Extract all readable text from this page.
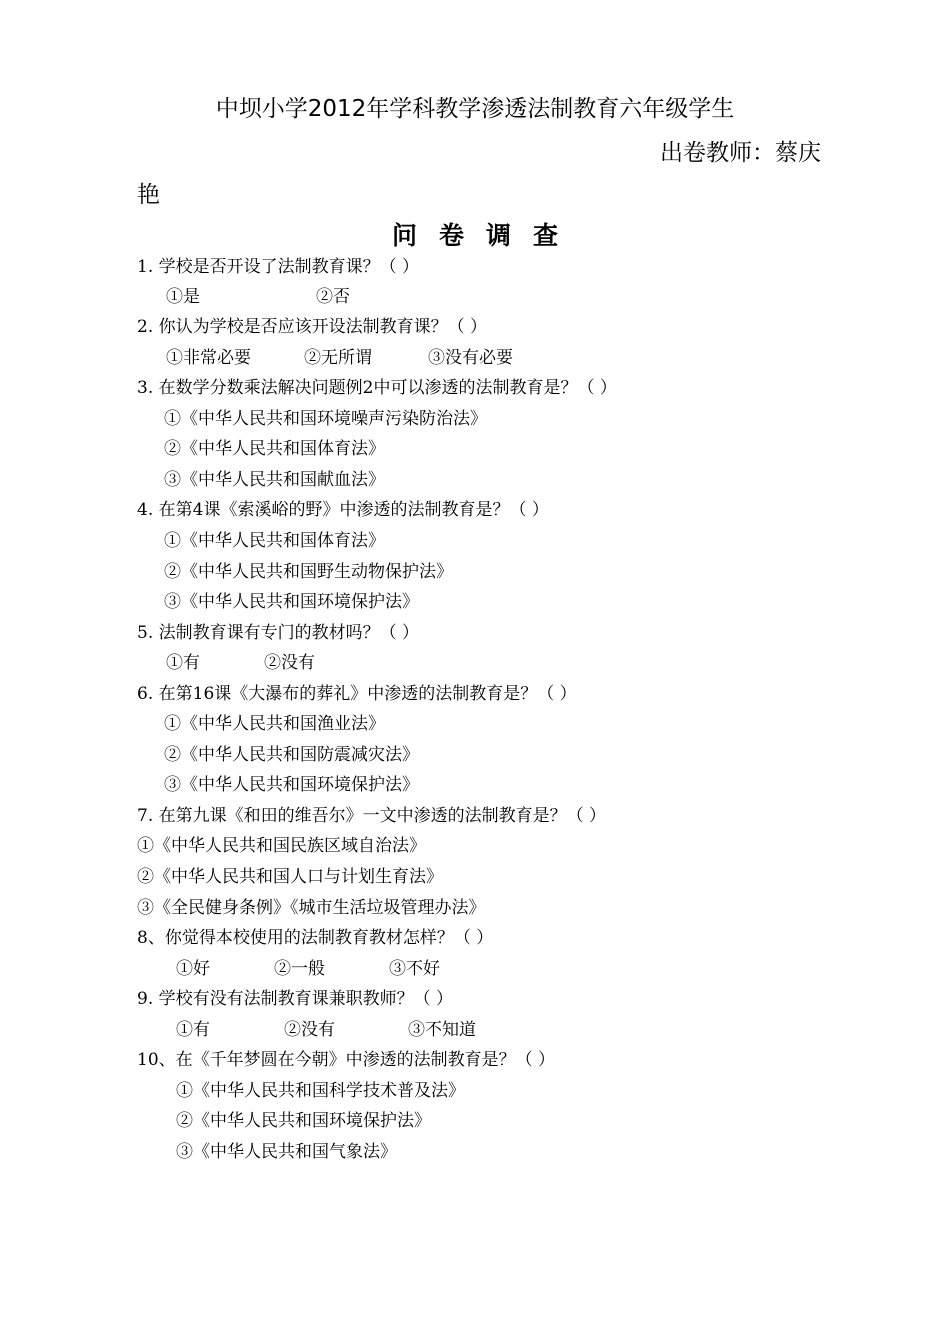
中坝小学2012年学科教学渗透法制教育六年级学生
出卷教师：蔡庆
艳
问卷调查
1. 学校是否开设了法制教育课？（ ）
①是	②否
2. 你认为学校是否应该开设法制教育课？（ ）
①非常必要	②无所谓	③没有必要
3. 在数学分数乘法解决问题例2中可以渗透的法制教育是？（ ）
①《中华人民共和国环境噪声污染防治法》
②《中华人民共和国体育法》
③《中华人民共和国献血法》
4. 在第4课《索溪峪的野》中渗透的法制教育是？（ ）
①《中华人民共和国体育法》
②《中华人民共和国野生动物保护法》
③《中华人民共和国环境保护法》
5. 法制教育课有专门的教材吗？（ ）
①有	②没有
6. 在第16课《大瀑布的葬礼》中渗透的法制教育是？（ ）
①《中华人民共和国渔业法》
②《中华人民共和国防震减灾法》
③《中华人民共和国环境保护法》
7. 在第九课《和田的维吾尔》一文中渗透的法制教育是？（ ）
①《中华人民共和国民族区域自治法》
②《中华人民共和国人口与计划生育法》
③《全民健身条例》《城市生活垃圾管理办法》
8、你觉得本校使用的法制教育教材怎样？（ ）
①好	②一般	③不好
9. 学校有没有法制教育课兼职教师？（ ）
①有	②没有	③不知道
10、在《千年梦圆在今朝》中渗透的法制教育是？（ ）
①《中华人民共和国科学技术普及法》
②《中华人民共和国环境保护法》
③《中华人民共和国气象法》
